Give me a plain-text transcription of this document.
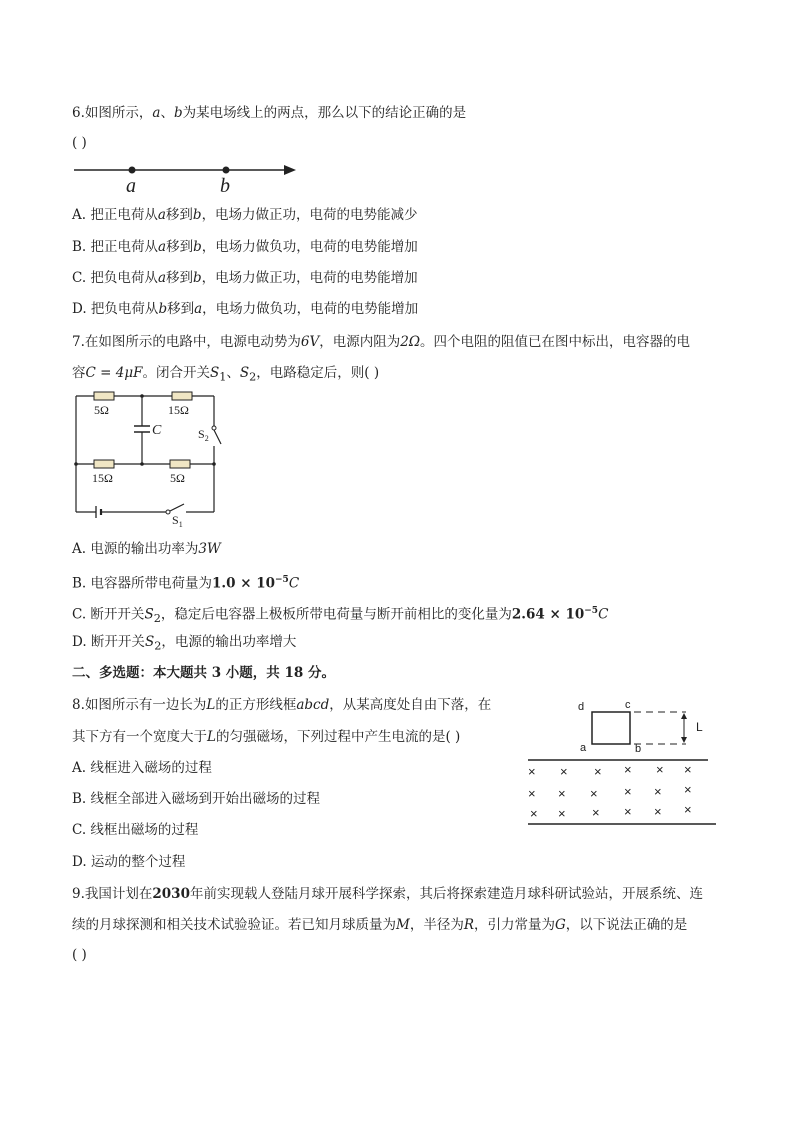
6.如图所示，a、b为某电场线上的两点，那么以下的结论正确的是
( )
a	b
A. 把正电荷从a移到b，电场力做正功，电荷的电势能减少
B. 把正电荷从a移到b，电场力做负功，电荷的电势能增加
C. 把负电荷从a移到b，电场力做正功，电荷的电势能增加
D. 把负电荷从b移到a，电场力做负功，电荷的电势能增加
7.在如图所示的电路中，电源电动势为6V，电源内阻为2Ω。四个电阻的阻值已在图中标出，电容器的电
容C = 4μF。闭合开关$S_1$、$S_2$，电路稳定后，则( )
5Ω	15Ω
C	$S_2$
15Ω	5Ω
$S_1$
A. 电源的输出功率为3W
B. 电容器所带电荷量为$1.0 \times 10^{-5}C$
C. 断开开关$S_2$，稳定后电容器上极板所带电荷量与断开前相比的变化量为$2.64 \times 10^{-5}C$
D. 断开开关$S_2$，电源的输出功率增大
二、多选题：本大题共 3 小题，共 18 分。
8.如图所示有一边长为L的正方形线框abcd，从某高度处自由下落，在
其下方有一个宽度大于L的匀强磁场，下列过程中产生电流的是( )
d	c
a	b
L
× × × × × ×
× × × × × ×
× × × × × ×
A. 线框进入磁场的过程
B. 线框全部进入磁场到开始出磁场的过程
C. 线框出磁场的过程
D. 运动的整个过程
9.我国计划在2030年前实现载人登陆月球开展科学探索，其后将探索建造月球科研试验站，开展系统、连
续的月球探测和相关技术试验验证。若已知月球质量为M，半径为R，引力常量为G，以下说法正确的是
( )
